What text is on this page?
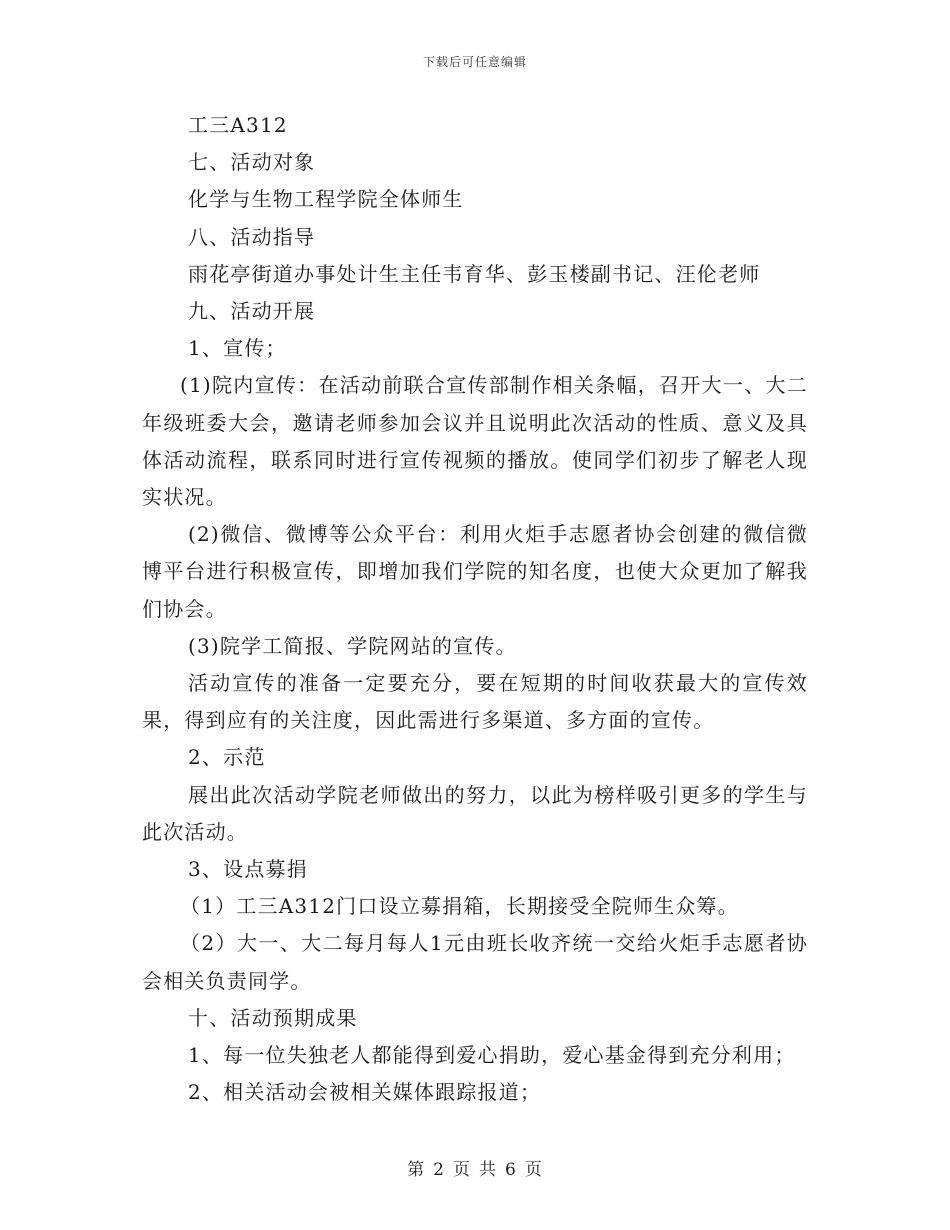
下载后可任意编辑

工三A312

七、活动对象

化学与生物工程学院全体师生

八、活动指导

雨花亭街道办事处计生主任韦育华、彭玉楼副书记、汪伦老师

九、活动开展

1、宣传；

(1)院内宣传：在活动前联合宣传部制作相关条幅，召开大一、大二年级班委大会，邀请老师参加会议并且说明此次活动的性质、意义及具体活动流程，联系同时进行宣传视频的播放。使同学们初步了解老人现实状况。

(2)微信、微博等公众平台：利用火炬手志愿者协会创建的微信微博平台进行积极宣传，即增加我们学院的知名度，也使大众更加了解我们协会。

(3)院学工简报、学院网站的宣传。

活动宣传的准备一定要充分，要在短期的时间收获最大的宣传效果，得到应有的关注度，因此需进行多渠道、多方面的宣传。

2、示范

展出此次活动学院老师做出的努力，以此为榜样吸引更多的学生与此次活动。

3、设点募捐

（1）工三A312门口设立募捐箱，长期接受全院师生众筹。

（2）大一、大二每月每人1元由班长收齐统一交给火炬手志愿者协会相关负责同学。

十、活动预期成果

1、每一位失独老人都能得到爱心捐助，爱心基金得到充分利用；

2、相关活动会被相关媒体跟踪报道；

第 2 页 共 6 页
